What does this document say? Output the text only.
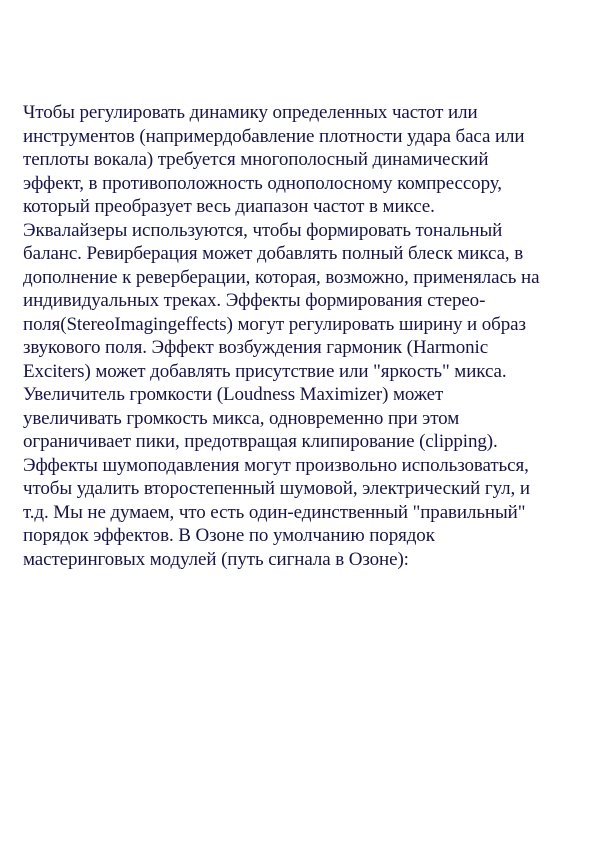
Чтобы регулировать динамику определенных частот или
инструментов (напримердобавление плотности удара баса или
теплоты вокала) требуется многополосный динамический
эффект, в противоположность однополосному компрессору,
который преобразует весь диапазон частот в миксе.
Эквалайзеры используются, чтобы формировать тональный
баланс. Ревирберация может добавлять полный блеск микса, в
дополнение к реверберации, которая, возможно, применялась на
индивидуальных треках. Эффекты формирования стерео-
поля(StereoImagingeffects) могут регулировать ширину и образ
звукового поля. Эффект возбуждения гармоник (Harmonic
Exciters) может добавлять присутствие или "яркость" микса.
Увеличитель громкости (Loudness Maximizer) может
увеличивать громкость микса, одновременно при этом
ограничивает пики, предотвращая клипирование (clipping).
Эффекты шумоподавления могут произвольно использоваться,
чтобы удалить второстепенный шумовой, электрический гул, и
т.д. Мы не думаем, что есть один-единственный "правильный"
порядок эффектов. В Озоне по умолчанию порядок
мастеринговых модулей (путь сигнала в Озоне):
